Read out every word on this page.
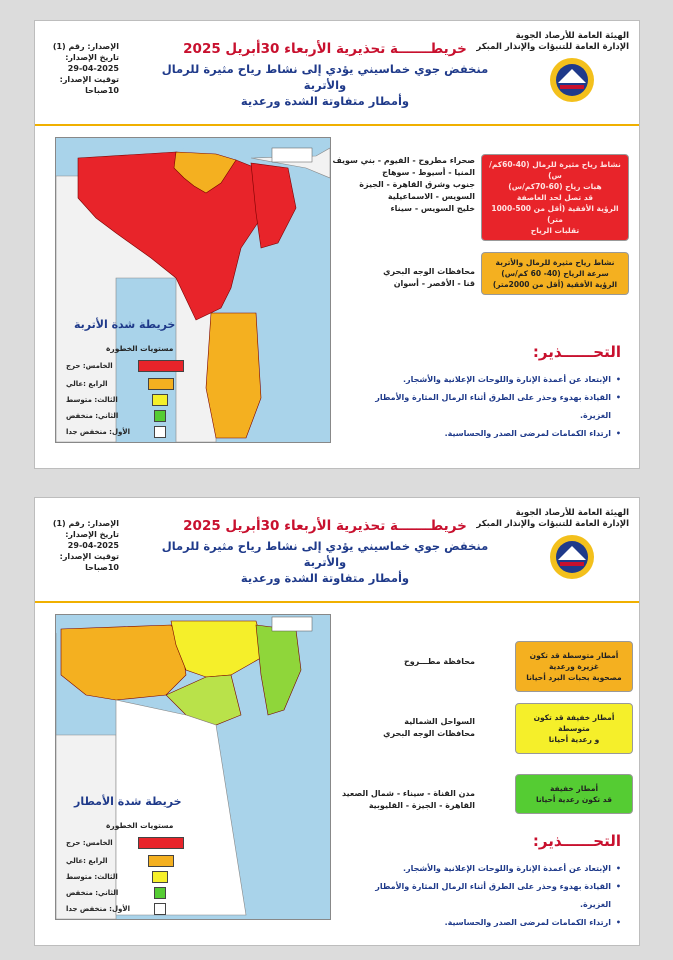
الهيئة العامة للأرصاد الجوية
الإدارة العامة للتنبؤات والإنذار المبكر
خريطـــــــة تحذيرية الأربعاء 30أبريل 2025
منخفض جوي خماسيني يؤدي إلى نشاط رياح مثيرة للرمال والأتربة
وأمطار متفاوتة الشدة ورعدية
الإصدار: رقم (1)
تاريخ الإصدار: 2025-04-29
توقيت الإصدار: 10صباحا
خريطة شدة الأتربة
مستويات الخطورة
الخامس: حرج
الرابع :عالي
الثالث: متوسط
الثاني: منخفض
الأول: منخفض جدا
نشاط رياح مثيرة للرمال (40-60كم/س)
هبات رياح (60-70كم/س)
قد تصل لحد العاصفة
الرؤية الأفقية (أقل من 500-1000 متر)
تقلبات الرياح
صحراء مطروح - الفيوم - بني سويف
المنيا - أسيوط - سوهاج
جنوب وشرق القاهرة - الجيزة
السويس - الاسماعيلية
خليج السويس - سيناء
نشاط رياح مثيرة للرمال والأتربة
سرعة الرياح (40- 60 كم/س)
الرؤية الأفقية (أقل من 2000متر)
محافظات الوجه البحري
قنا - الأقصر - أسوان
التحــــــذير:
• الإبتعاد عن أعمدة الإنارة واللوحات الإعلانية والأشجار.
• القيادة بهدوء وحذر على الطرق أثناء الرمال المثارة والأمطار الغزيرة.
• ارتداء الكمامات لمرضى الصدر والحساسية.
الهيئة العامة للأرصاد الجوية
الإدارة العامة للتنبؤات والإنذار المبكر
خريطـــــــة تحذيرية الأربعاء 30أبريل 2025
منخفض جوي خماسيني يؤدي إلى نشاط رياح مثيرة للرمال والأتربة
وأمطار متفاوتة الشدة ورعدية
الإصدار: رقم (1)
تاريخ الإصدار: 2025-04-29
توقيت الإصدار: 10صباحا
خريطة شدة الأمطار
مستويات الخطورة
الخامس: حرج
الرابع :عالي
الثالث: متوسط
الثاني: منخفض
الأول: منخفض جدا
أمطار متوسطة قد تكون غزيرة ورعدية
مصحوبة بحبات البرد أحيانا
محافظة مطـــروح
أمطار خفيفة قد تكون متوسطة
و رعدية أحيانا
السواحل الشمالية
محافظات الوجه البحري
أمطار خفيفة
قد تكون رعدية أحيانا
مدن القناة - سيناء - شمال الصعيد
القاهرة - الجيزة - القليوبية
التحــــــذير:
• الإبتعاد عن أعمدة الإنارة واللوحات الإعلانية والأشجار.
• القيادة بهدوء وحذر على الطرق أثناء الرمال المثارة والأمطار الغزيرة.
• ارتداء الكمامات لمرضى الصدر والحساسية.
